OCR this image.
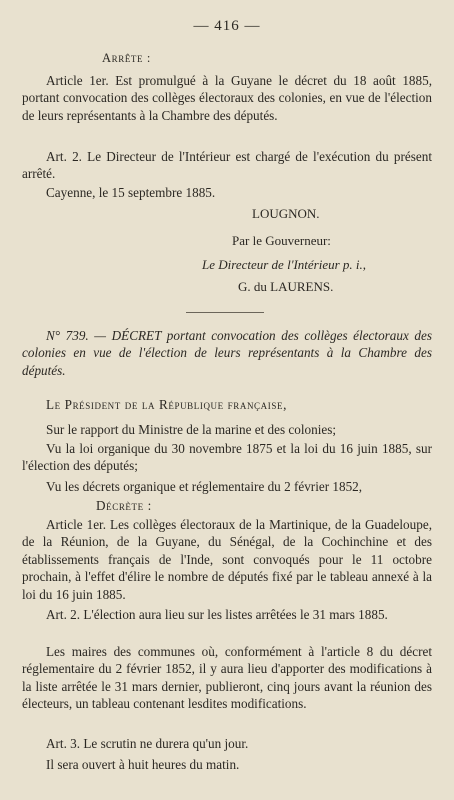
— 416 —
Arrête :
Article 1er. Est promulgué à la Guyane le décret du 18 août 1885, portant convocation des collèges électoraux des colonies, en vue de l'élection de leurs représentants à la Chambre des députés.
Art. 2. Le Directeur de l'Intérieur est chargé de l'exécution du présent arrêté.
Cayenne, le 15 septembre 1885.
LOUGNON.
Par le Gouverneur:
Le Directeur de l'Intérieur p. i.,
G. du LAURENS.
N° 739. — DÉCRET portant convocation des collèges électoraux des colonies en vue de l'élection de leurs représentants à la Chambre des députés.
Le Président de la République française,
Sur le rapport du Ministre de la marine et des colonies;
Vu la loi organique du 30 novembre 1875 et la loi du 16 juin 1885, sur l'élection des députés;
Vu les décrets organique et réglementaire du 2 février 1852,
Décrète :
Article 1er. Les collèges électoraux de la Martinique, de la Guadeloupe, de la Réunion, de la Guyane, du Sénégal, de la Cochinchine et des établissements français de l'Inde, sont convoqués pour le 11 octobre prochain, à l'effet d'élire le nombre de députés fixé par le tableau annexé à la loi du 16 juin 1885.
Art. 2. L'élection aura lieu sur les listes arrêtées le 31 mars 1885.
Les maires des communes où, conformément à l'article 8 du décret réglementaire du 2 février 1852, il y aura lieu d'apporter des modifications à la liste arrêtée le 31 mars dernier, publieront, cinq jours avant la réunion des électeurs, un tableau contenant lesdites modifications.
Art. 3. Le scrutin ne durera qu'un jour.
Il sera ouvert à huit heures du matin.
